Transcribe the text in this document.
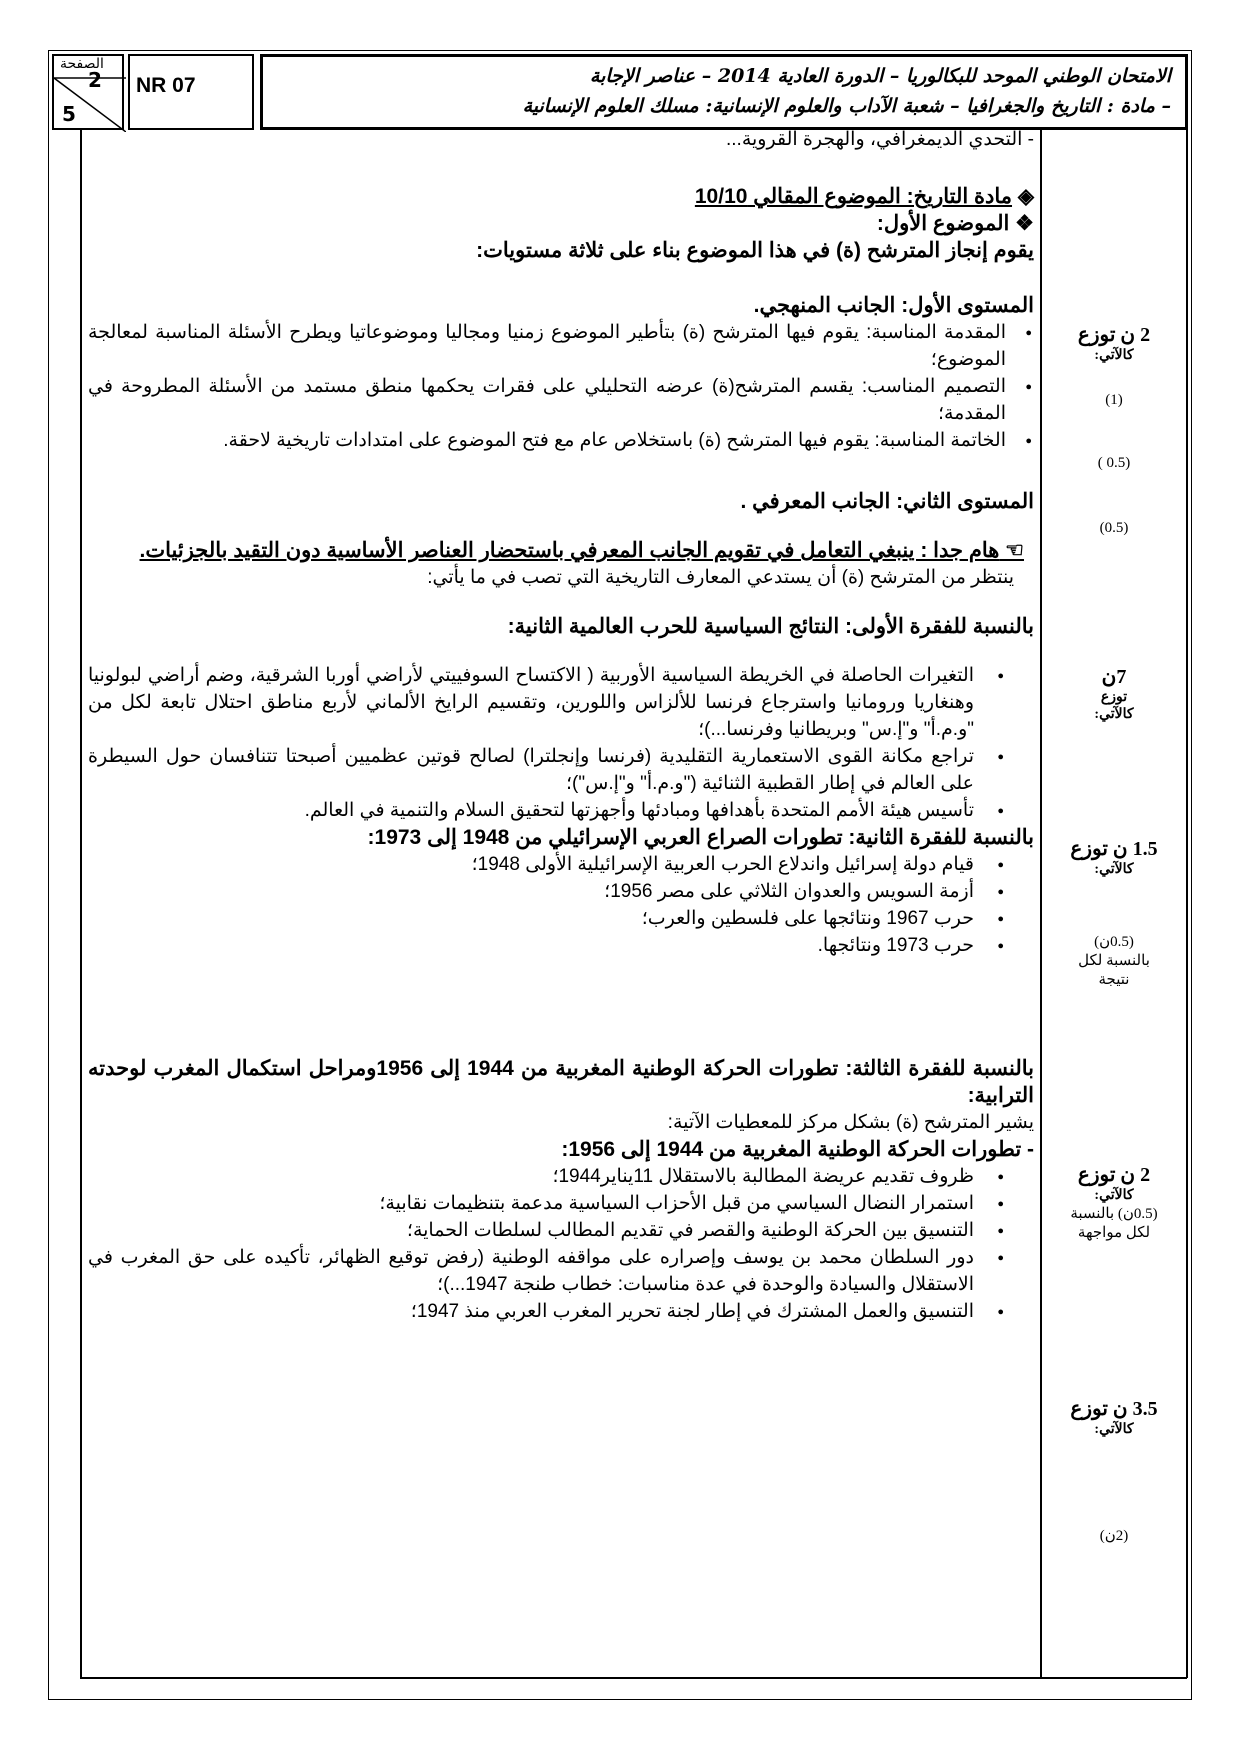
الصفحة
2
5
NR 07	الامتحان الوطني الموحد للبكالوريا – الدورة العادية 2014 – عناصر الإجابة
– مادة : التاريخ والجغرافيا – شعبة الآداب والعلوم الإنسانية: مسلك العلوم الإنسانية

- التحدي الديمغرافي، والهجرة القروية...

◈ مادة التاريخ: الموضوع المقالي 10/10

❖ الموضوع الأول:

يقوم إنجاز المترشح (ة) في هذا الموضوع بناء على ثلاثة مستويات:

المستوى الأول: الجانب المنهجي.

● المقدمة المناسبة: يقوم فيها المترشح (ة) بتأطير الموضوع زمنيا ومجاليا وموضوعاتيا ويطرح الأسئلة المناسبة لمعالجة الموضوع؛
● التصميم المناسب: يقسم المترشح(ة) عرضه التحليلي على فقرات يحكمها منطق مستمد من الأسئلة المطروحة في المقدمة؛
● الخاتمة المناسبة: يقوم فيها المترشح (ة) باستخلاص عام مع فتح الموضوع على امتدادات تاريخية لاحقة.

المستوى الثاني: الجانب المعرفي .

☜ هام جدا : ينبغي التعامل في تقويم الجانب المعرفي باستحضار العناصر الأساسية دون التقيد بالجزئيات.

ينتظر من المترشح (ة) أن يستدعي المعارف التاريخية التي تصب في ما يأتي:

بالنسبة للفقرة الأولى: النتائج السياسية للحرب العالمية الثانية:

● التغيرات الحاصلة في الخريطة السياسية الأوربية ( الاكتساح السوفييتي لأراضي أوربا الشرقية، وضم أراضي لبولونيا وهنغاريا ورومانيا واسترجاع فرنسا للألزاس واللورين، وتقسيم الرايخ الألماني لأربع مناطق احتلال تابعة لكل من "و.م.أ" و"إ.س" وبريطانيا وفرنسا...)؛
● تراجع مكانة القوى الاستعمارية التقليدية (فرنسا وإنجلترا) لصالح قوتين عظميين أصبحتا تتنافسان حول السيطرة على العالم في إطار القطبية الثنائية ("و.م.أ" و"إ.س")؛
● تأسيس هيئة الأمم المتحدة بأهدافها ومبادئها وأجهزتها لتحقيق السلام والتنمية في العالم.

بالنسبة للفقرة الثانية: تطورات الصراع العربي الإسرائيلي من 1948 إلى 1973:

● قيام دولة إسرائيل واندلاع الحرب العربية الإسرائيلية الأولى 1948؛
● أزمة السويس والعدوان الثلاثي على مصر 1956؛
● حرب 1967 ونتائجها على فلسطين والعرب؛
● حرب 1973 ونتائجها.

بالنسبة للفقرة الثالثة: تطورات الحركة الوطنية المغربية من 1944 إلى 1956ومراحل استكمال المغرب لوحدته الترابية:

يشير المترشح (ة) بشكل مركز للمعطيات الآتية:

- تطورات الحركة الوطنية المغربية من 1944 إلى 1956:

● ظروف تقديم عريضة المطالبة بالاستقلال 11يناير1944؛
● استمرار النضال السياسي من قبل الأحزاب السياسية مدعمة بتنظيمات نقابية؛
● التنسيق بين الحركة الوطنية والقصر في تقديم المطالب لسلطات الحماية؛
● دور السلطان محمد بن يوسف وإصراره على مواقفه الوطنية (رفض توقيع الظهائر، تأكيده على حق المغرب في الاستقلال والسيادة والوحدة في عدة مناسبات: خطاب طنجة 1947...)؛
● التنسيق والعمل المشترك في إطار لجنة تحرير المغرب العربي منذ 1947؛
2 ن توزع
كالآتي:
(1)
(0.5 )
(0.5)
7ن
توزع
كالآتي:
1.5 ن توزع
كالآتي:
(0.5ن)
بالنسبة لكل
نتيجة
2 ن توزع
كالآتي:
(0.5ن) بالنسبة
لكل مواجهة
3.5 ن توزع
كالآتي:
(2ن)
